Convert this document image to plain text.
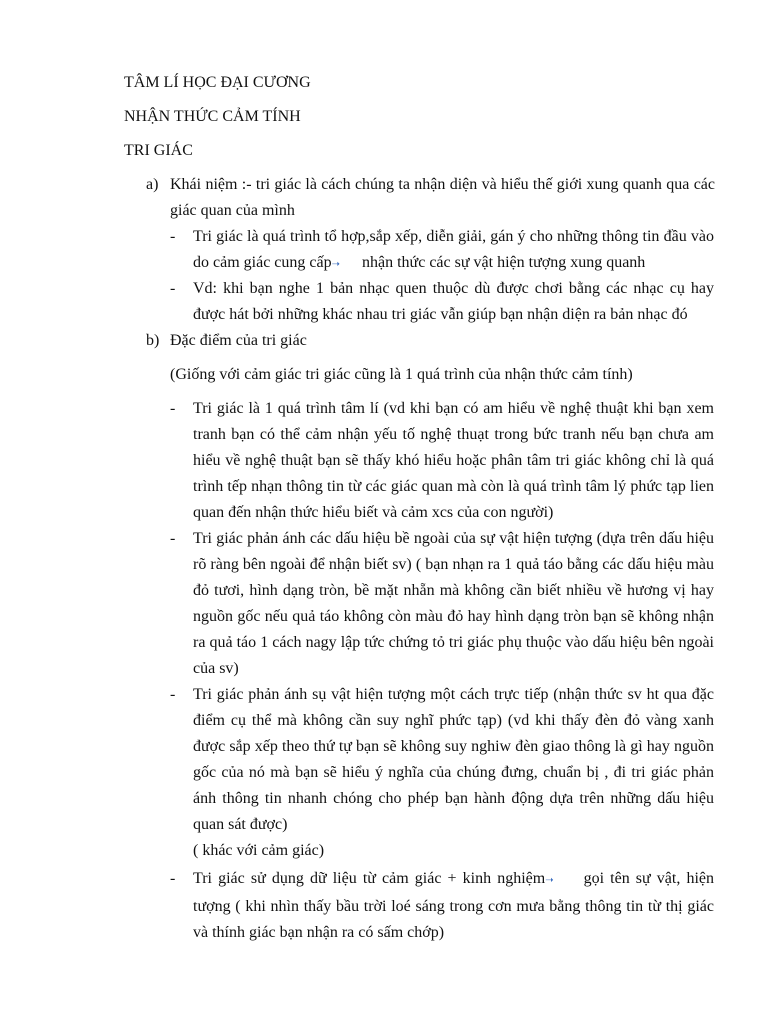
TÂM LÍ HỌC ĐẠI CƯƠNG
NHẬN THỨC CẢM TÍNH
TRI GIÁC
a) Khái niệm :- tri giác là cách chúng ta nhận diện và hiểu thế giới xung quanh qua các giác quan của mình
- Tri giác là quá trình tổ hợp,sắp xếp, diễn giải, gán ý cho những thông tin đầu vào do cảm giác cung cấp➝ nhận thức các sự vật hiện tượng xung quanh
- Vd: khi bạn nghe 1 bản nhạc quen thuộc dù được chơi bằng các nhạc cụ hay được hát bởi những khác nhau tri giác vẫn giúp bạn nhận diện ra bản nhạc đó
b) Đặc điểm của tri giác
(Giống với cảm giác tri giác cũng là 1 quá trình của nhận thức cảm tính)
- Tri giác là 1 quá trình tâm lí (vd khi bạn có am hiểu về nghệ thuật khi bạn xem tranh bạn có thể cảm nhận yếu tố nghệ thuạt trong bức tranh nếu bạn chưa am hiểu về nghệ thuật bạn sẽ thấy khó hiểu hoặc phân tâm tri giác không chỉ là quá trình tếp nhạn thông tin từ các giác quan mà còn là quá trình tâm lý phức tạp lien quan đến nhận thức hiểu biết và cảm xcs của con người)
- Tri giác phản ánh các dấu hiệu bề ngoài của sự vật hiện tượng (dựa trên dấu hiệu rõ ràng bên ngoài để nhận biết sv) ( bạn nhạn ra 1 quả táo bằng các dấu hiệu màu đỏ tươi, hình dạng tròn, bề mặt nhẵn mà không cần biết nhiều về hương vị hay nguồn gốc nếu quả táo không còn màu đỏ hay hình dạng tròn bạn sẽ không nhận ra quả táo 1 cách nagy lập tức chứng tỏ tri giác phụ thuộc vào dấu hiệu bên ngoài của sv)
- Tri giác phản ánh sụ vật hiện tượng một cách trực tiếp (nhận thức sv ht qua đặc điểm cụ thể mà không cần suy nghĩ phức tạp) (vd khi thấy đèn đỏ vàng xanh được sắp xếp theo thứ tự bạn sẽ không suy nghiw đèn giao thông là gì hay nguồn gốc của nó mà bạn sẽ hiểu ý nghĩa của chúng đưng, chuẩn bị , đi tri giác phản ánh thông tin nhanh chóng cho phép bạn hành động dựa trên những dấu hiệu quan sát được)
( khác với cảm giác)
- Tri giác sử dụng dữ liệu từ cảm giác + kinh nghiệm➝ gọi tên sự vật, hiện tượng ( khi nhìn thấy bầu trời loé sáng trong cơn mưa bằng thông tin từ thị giác và thính giác bạn nhận ra có sấm chớp)
